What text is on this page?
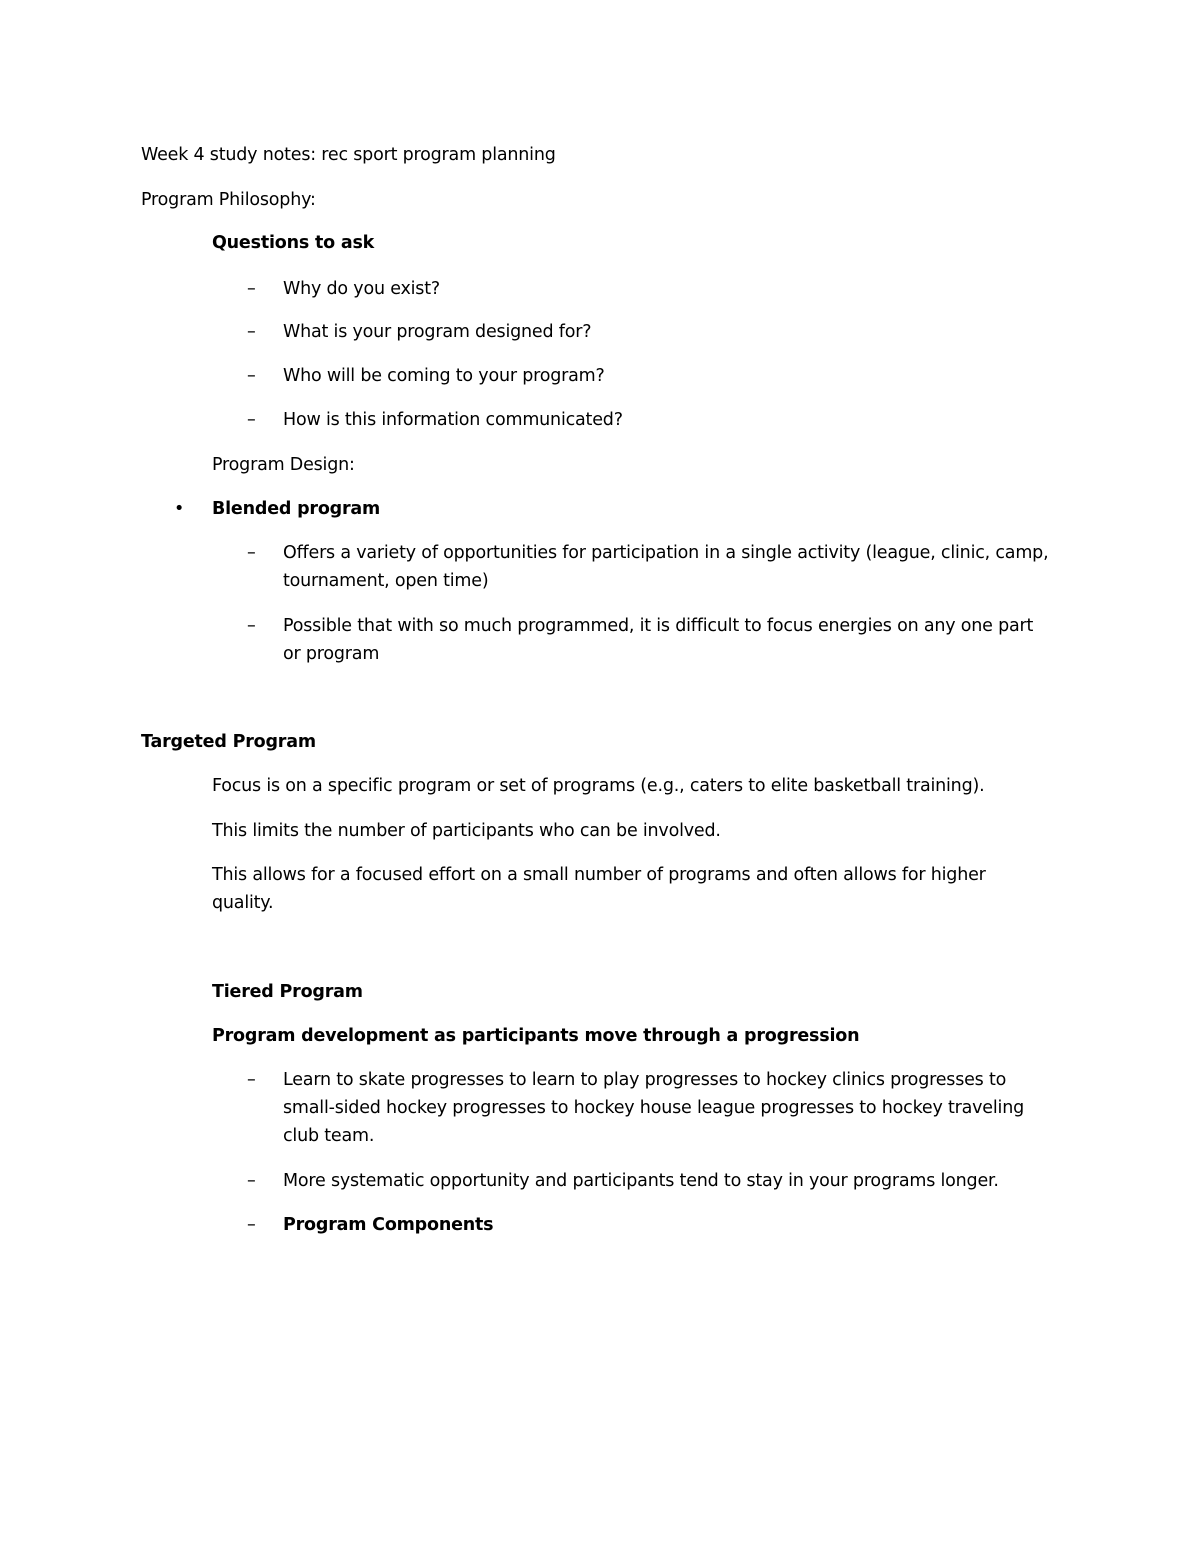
Week 4 study notes: rec sport program planning
Program Philosophy:
Questions to ask
– Why do you exist?
– What is your program designed for?
– Who will be coming to your program?
– How is this information communicated?
Program Design:
• Blended program
– Offers a variety of opportunities for participation in a single activity (league, clinic, camp,
tournament, open time)
– Possible that with so much programmed, it is difficult to focus energies on any one part
or program
Targeted Program
Focus is on a specific program or set of programs (e.g., caters to elite basketball training).
This limits the number of participants who can be involved.
This allows for a focused effort on a small number of programs and often allows for higher
quality.
Tiered Program
Program development as participants move through a progression
– Learn to skate progresses to learn to play progresses to hockey clinics progresses to
small-sided hockey progresses to hockey house league progresses to hockey traveling
club team.
– More systematic opportunity and participants tend to stay in your programs longer.
– Program Components
